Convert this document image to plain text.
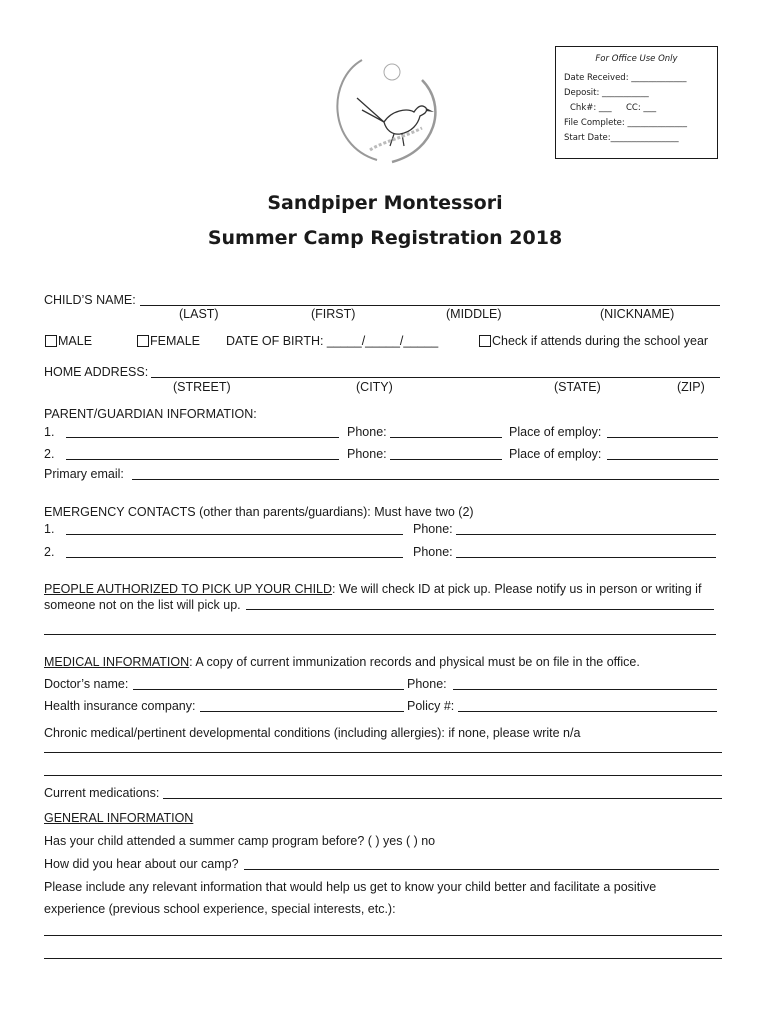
For Office Use Only
Date Received: _____________
Deposit: ___________
Chk#: ___ CC: ___
File Complete: ______________
Start Date:________________
Sandpiper Montessori
Summer Camp Registration 2018
CHILD’S NAME:
(LAST)	(FIRST)	(MIDDLE)	(NICKNAME)
MALE	FEMALE DATE OF BIRTH: _____/_____/_____	Check if attends during the school year
HOME ADDRESS:
(STREET)	(CITY)	(STATE)	(ZIP)
PARENT/GUARDIAN INFORMATION:
1.	Phone:	Place of employ:
2.	Phone:	Place of employ:
Primary email:
EMERGENCY CONTACTS (other than parents/guardians): Must have two (2)
1.	Phone:
2.	Phone:
PEOPLE AUTHORIZED TO PICK UP YOUR CHILD: We will check ID at pick up. Please notify us in person or writing if
someone not on the list will pick up.
MEDICAL INFORMATION: A copy of current immunization records and physical must be on file in the office.
Doctor’s name:	Phone:
Health insurance company:	Policy #:
Chronic medical/pertinent developmental conditions (including allergies): if none, please write n/a
Current medications:
GENERAL INFORMATION
Has your child attended a summer camp program before? ( ) yes ( ) no
How did you hear about our camp?
Please include any relevant information that would help us get to know your child better and facilitate a positive
experience (previous school experience, special interests, etc.):
